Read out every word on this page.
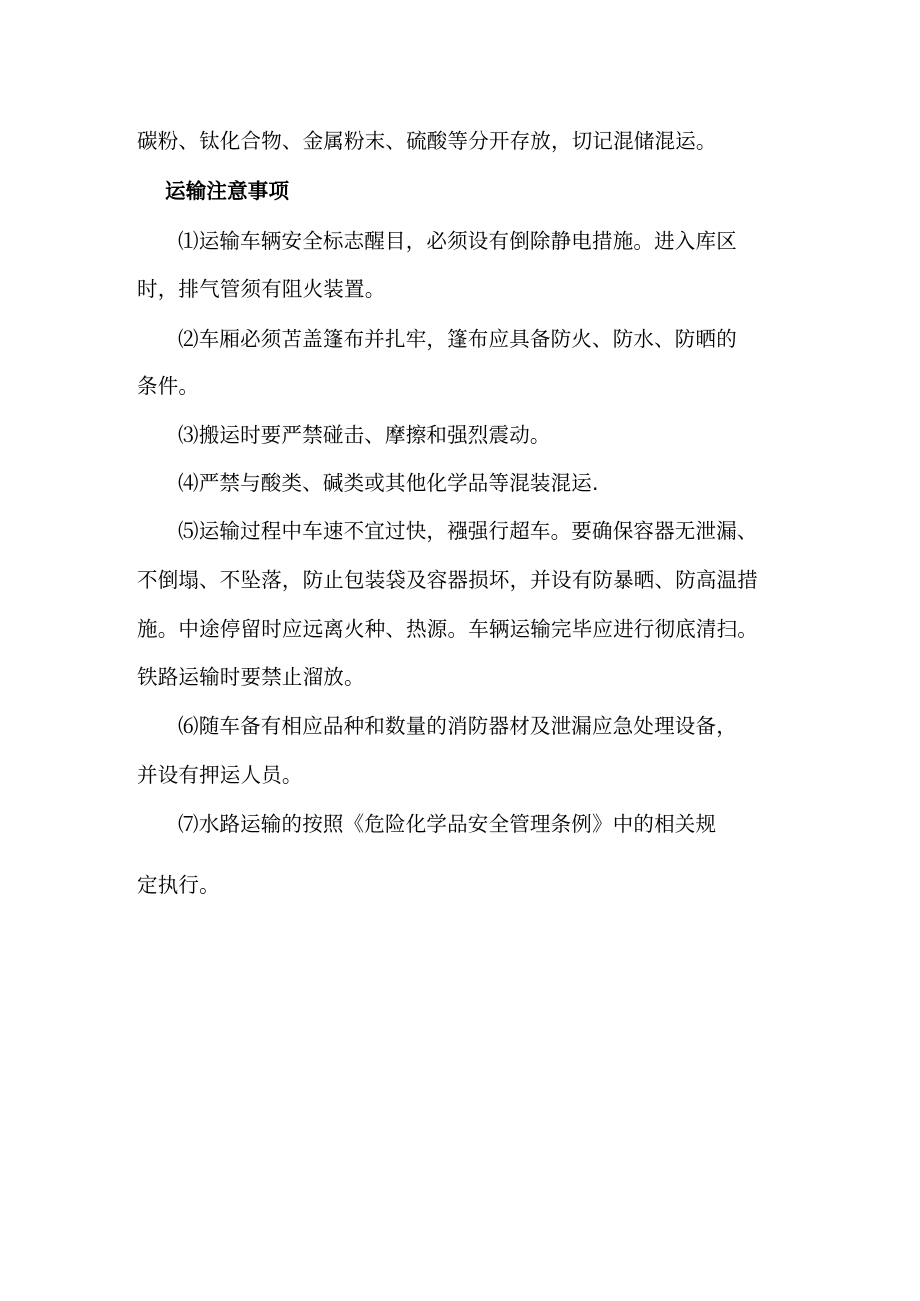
碳粉、钛化合物、金属粉末、硫酸等分开存放，切记混储混运。
运输注意事项
⑴运输车辆安全标志醒目，必须设有倒除静电措施。进入库区
时，排气管须有阻火装置。
⑵车厢必须苫盖篷布并扎牢，篷布应具备防火、防水、防晒的
条件。
⑶搬运时要严禁碰击、摩擦和强烈震动。
⑷严禁与酸类、碱类或其他化学品等混装混运.
⑸运输过程中车速不宜过快，襁强行超车。要确保容器无泄漏、
不倒塌、不坠落，防止包装袋及容器损坏，并设有防暴晒、防高温措
施。中途停留时应远离火种、热源。车辆运输完毕应进行彻底清扫。
铁路运输时要禁止溜放。
⑹随车备有相应品种和数量的消防器材及泄漏应急处理设备，
并设有押运人员。
⑺水路运输的按照《危险化学品安全管理条例》中的相关规
定执行。
